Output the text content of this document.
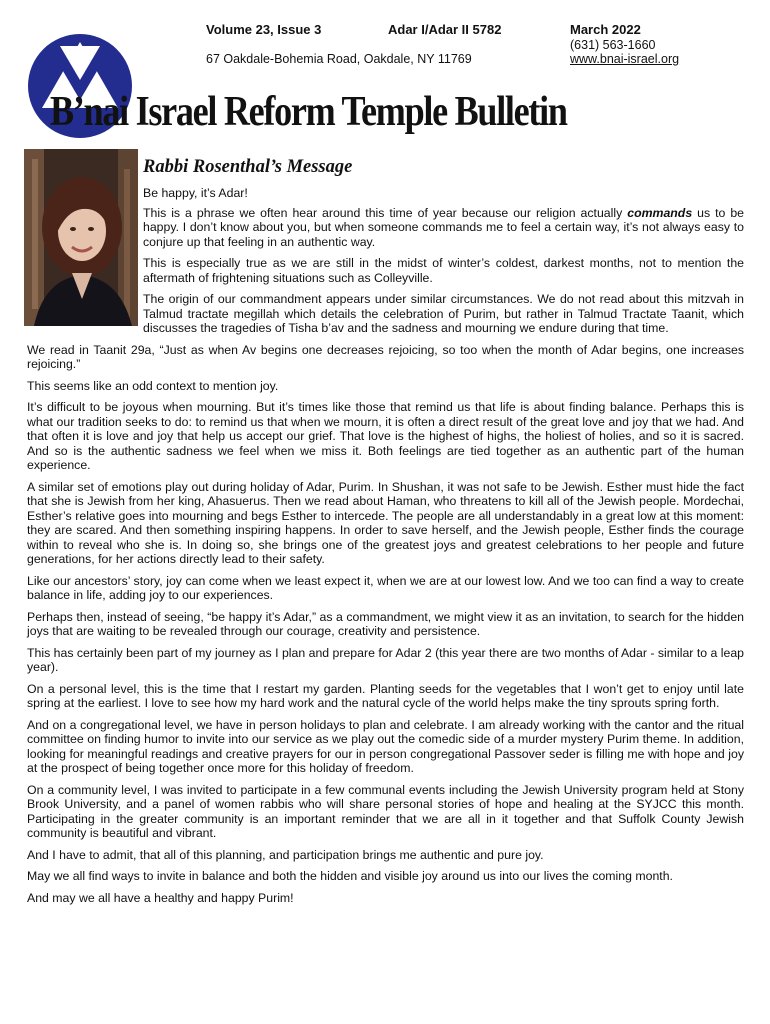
Volume 23, Issue 3	Adar I/Adar II 5782	March 2022
67 Oakdale-Bohemia Road, Oakdale, NY 11769
(631) 563-1660
www.bnai-israel.org
B’nai Israel Reform Temple Bulletin
Rabbi Rosenthal’s Message

Be happy, it’s Adar!

This is a phrase we often hear around this time of year because our religion actually commands us to be happy. I don’t know about you, but when someone commands me to feel a certain way, it’s not always easy to conjure up that feeling in an authentic way.

This is especially true as we are still in the midst of winter’s coldest, darkest months, not to mention the aftermath of frightening situations such as Colleyville.

The origin of our commandment appears under similar circumstances. We do not read about this mitzvah in Talmud tractate megillah which details the celebration of Purim, but rather in Talmud Tractate Taanit, which discusses the tragedies of Tisha b’av and the sadness and mourning we endure during that time.

We read in Taanit 29a, “Just as when Av begins one decreases rejoicing, so too when the month of Adar begins, one increases rejoicing.”

This seems like an odd context to mention joy.

It’s difficult to be joyous when mourning. But it’s times like those that remind us that life is about finding balance. Perhaps this is what our tradition seeks to do: to remind us that when we mourn, it is often a direct result of the great love and joy that we had. And that often it is love and joy that help us accept our grief. That love is the highest of highs, the holiest of holies, and so it is sacred. And so is the authentic sadness we feel when we miss it. Both feelings are tied together as an authentic part of the human experience.

A similar set of emotions play out during holiday of Adar, Purim. In Shushan, it was not safe to be Jewish. Esther must hide the fact that she is Jewish from her king, Ahasuerus. Then we read about Haman, who threatens to kill all of the Jewish people. Mordechai, Esther’s relative goes into mourning and begs Esther to intercede. The people are all understandably in a great low at this moment: they are scared. And then something inspiring happens. In order to save herself, and the Jewish people, Esther finds the courage within to reveal who she is. In doing so, she brings one of the greatest joys and greatest celebrations to her people and future generations, for her actions directly lead to their safety.

Like our ancestors’ story, joy can come when we least expect it, when we are at our lowest low. And we too can find a way to create balance in life, adding joy to our experiences.

Perhaps then, instead of seeing, “be happy it’s Adar,” as a commandment, we might view it as an invitation, to search for the hidden joys that are waiting to be revealed through our courage, creativity and persistence.

This has certainly been part of my journey as I plan and prepare for Adar 2 (this year there are two months of Adar - similar to a leap year).

On a personal level, this is the time that I restart my garden. Planting seeds for the vegetables that I won’t get to enjoy until late spring at the earliest. I love to see how my hard work and the natural cycle of the world helps make the tiny sprouts spring forth.

And on a congregational level, we have in person holidays to plan and celebrate. I am already working with the cantor and the ritual committee on finding humor to invite into our service as we play out the comedic side of a murder mystery Purim theme. In addition, looking for meaningful readings and creative prayers for our in person congregational Passover seder is filling me with hope and joy at the prospect of being together once more for this holiday of freedom.

On a community level, I was invited to participate in a few communal events including the Jewish University program held at Stony Brook University, and a panel of women rabbis who will share personal stories of hope and healing at the SYJCC this month. Participating in the greater community is an important reminder that we are all in it together and that Suffolk County Jewish community is beautiful and vibrant.

And I have to admit, that all of this planning, and participation brings me authentic and pure joy.

May we all find ways to invite in balance and both the hidden and visible joy around us into our lives the coming month.

And may we all have a healthy and happy Purim!
